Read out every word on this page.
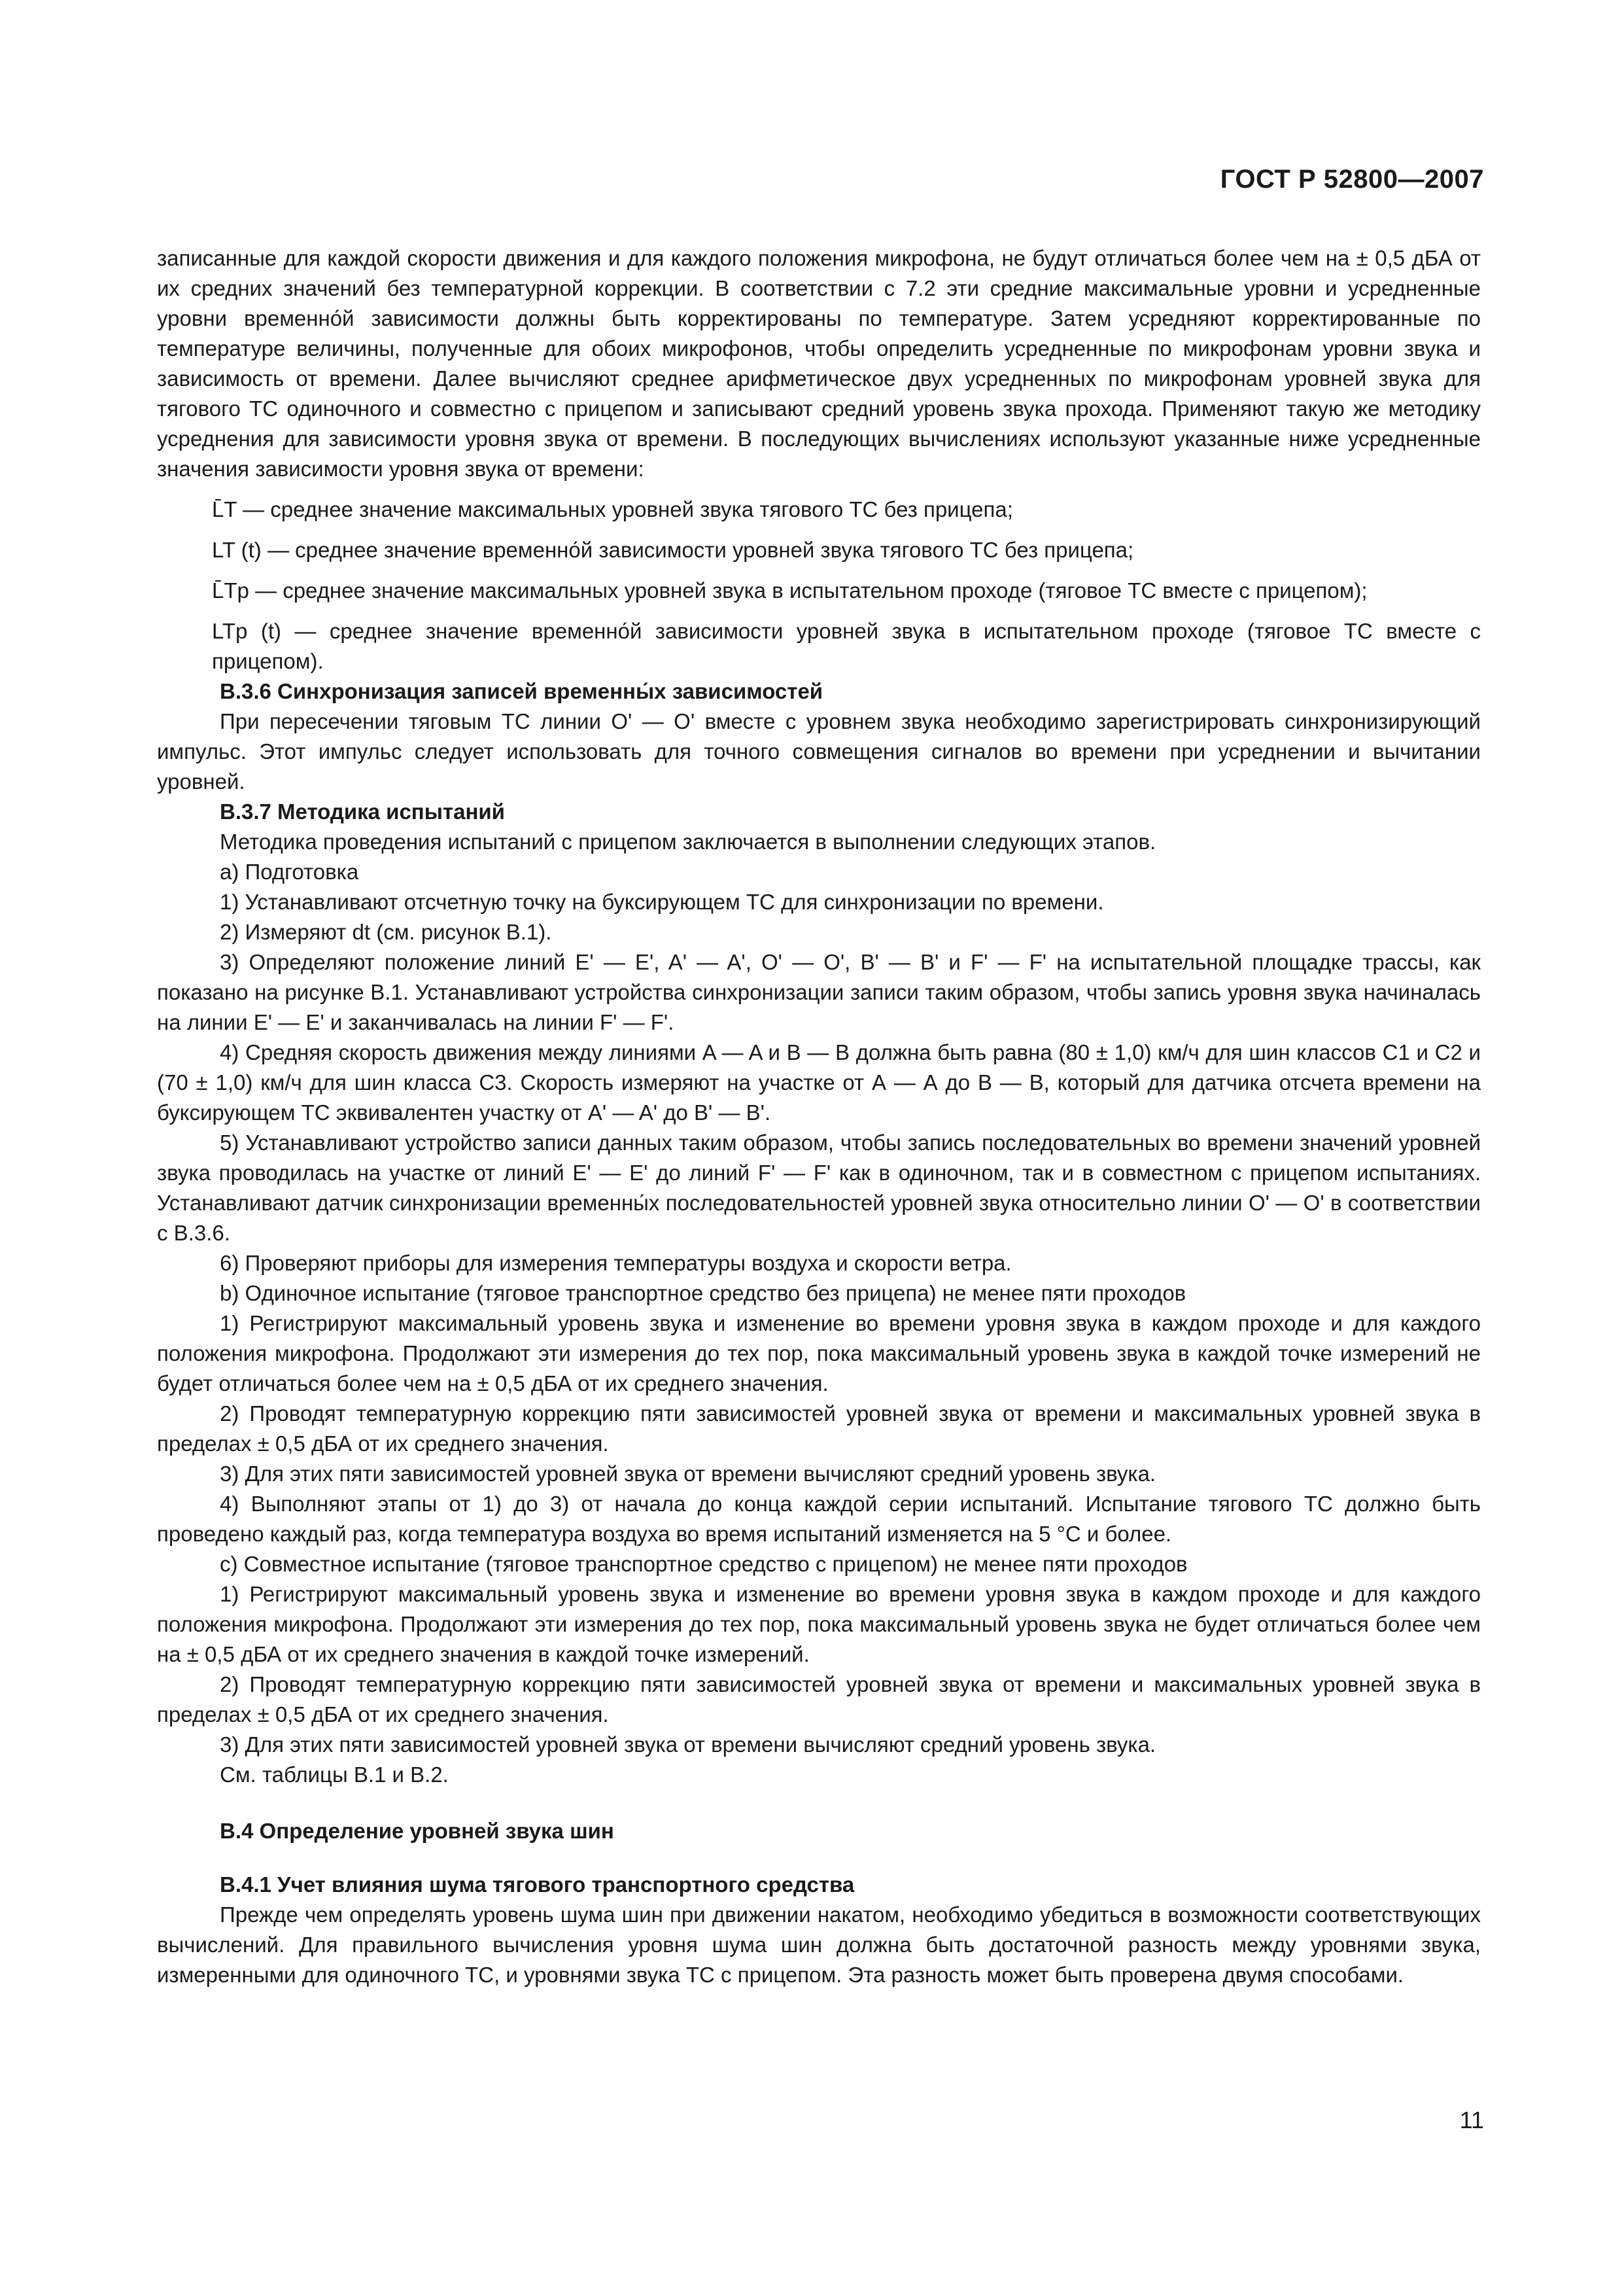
ГОСТ Р 52800—2007

записанные для каждой скорости движения и для каждого положения микрофона, не будут отличаться более чем на ± 0,5 дБА от их средних значений без температурной коррекции. В соответствии с 7.2 эти средние максимальные уровни и усредненные уровни временно́й зависимости должны быть корректированы по температуре. Затем усредняют корректированные по температуре величины, полученные для обоих микрофонов, чтобы определить усредненные по микрофонам уровни звука и зависимость от времени. Далее вычисляют среднее арифметическое двух усредненных по микрофонам уровней звука для тягового ТС одиночного и совместно с прицепом и записывают средний уровень звука прохода. Применяют такую же методику усреднения для зависимости уровня звука от времени. В последующих вычислениях используют указанные ниже усредненные значения зависимости уровня звука от времени:

L̄T — среднее значение максимальных уровней звука тягового ТС без прицепа;

LT (t) — среднее значение временно́й зависимости уровней звука тягового ТС без прицепа;

L̄Tp — среднее значение максимальных уровней звука в испытательном проходе (тяговое ТС вместе с прицепом);

LTp (t) — среднее значение временно́й зависимости уровней звука в испытательном проходе (тяговое ТС вместе с прицепом).

В.3.6 Синхронизация записей временны́х зависимостей

При пересечении тяговым ТС линии O' — O' вместе с уровнем звука необходимо зарегистрировать синхронизирующий импульс. Этот импульс следует использовать для точного совмещения сигналов во времени при усреднении и вычитании уровней.

В.3.7 Методика испытаний

Методика проведения испытаний с прицепом заключается в выполнении следующих этапов.

а) Подготовка

1) Устанавливают отсчетную точку на буксирующем ТС для синхронизации по времени.

2) Измеряют dt (см. рисунок В.1).

3) Определяют положение линий E' — E', A' — A', O' — O', B' — B' и F' — F' на испытательной площадке трассы, как показано на рисунке В.1. Устанавливают устройства синхронизации записи таким образом, чтобы запись уровня звука начиналась на линии E' — E' и заканчивалась на линии F' — F'.

4) Средняя скорость движения между линиями A — A и B — B должна быть равна (80 ± 1,0) км/ч для шин классов С1 и С2 и (70 ± 1,0) км/ч для шин класса С3. Скорость измеряют на участке от А — А до В — В, который для датчика отсчета времени на буксирующем ТС эквивалентен участку от A' — A' до B' — B'.

5) Устанавливают устройство записи данных таким образом, чтобы запись последовательных во времени значений уровней звука проводилась на участке от линий E' — E' до линий F' — F' как в одиночном, так и в совместном с прицепом испытаниях. Устанавливают датчик синхронизации временны́х последовательностей уровней звука относительно линии O' — O' в соответствии с В.3.6.

6) Проверяют приборы для измерения температуры воздуха и скорости ветра.

b) Одиночное испытание (тяговое транспортное средство без прицепа) не менее пяти проходов

1) Регистрируют максимальный уровень звука и изменение во времени уровня звука в каждом проходе и для каждого положения микрофона. Продолжают эти измерения до тех пор, пока максимальный уровень звука в каждой точке измерений не будет отличаться более чем на ± 0,5 дБА от их среднего значения.

2) Проводят температурную коррекцию пяти зависимостей уровней звука от времени и максимальных уровней звука в пределах ± 0,5 дБА от их среднего значения.

3) Для этих пяти зависимостей уровней звука от времени вычисляют средний уровень звука.

4) Выполняют этапы от 1) до 3) от начала до конца каждой серии испытаний. Испытание тягового ТС должно быть проведено каждый раз, когда температура воздуха во время испытаний изменяется на 5 °С и более.

с) Совместное испытание (тяговое транспортное средство с прицепом) не менее пяти проходов

1) Регистрируют максимальный уровень звука и изменение во времени уровня звука в каждом проходе и для каждого положения микрофона. Продолжают эти измерения до тех пор, пока максимальный уровень звука не будет отличаться более чем на ± 0,5 дБА от их среднего значения в каждой точке измерений.

2) Проводят температурную коррекцию пяти зависимостей уровней звука от времени и максимальных уровней звука в пределах ± 0,5 дБА от их среднего значения.

3) Для этих пяти зависимостей уровней звука от времени вычисляют средний уровень звука.

См. таблицы В.1 и В.2.

В.4 Определение уровней звука шин

В.4.1 Учет влияния шума тягового транспортного средства

Прежде чем определять уровень шума шин при движении накатом, необходимо убедиться в возможности соответствующих вычислений. Для правильного вычисления уровня шума шин должна быть достаточной разность между уровнями звука, измеренными для одиночного ТС, и уровнями звука ТС с прицепом. Эта разность может быть проверена двумя способами.

11
